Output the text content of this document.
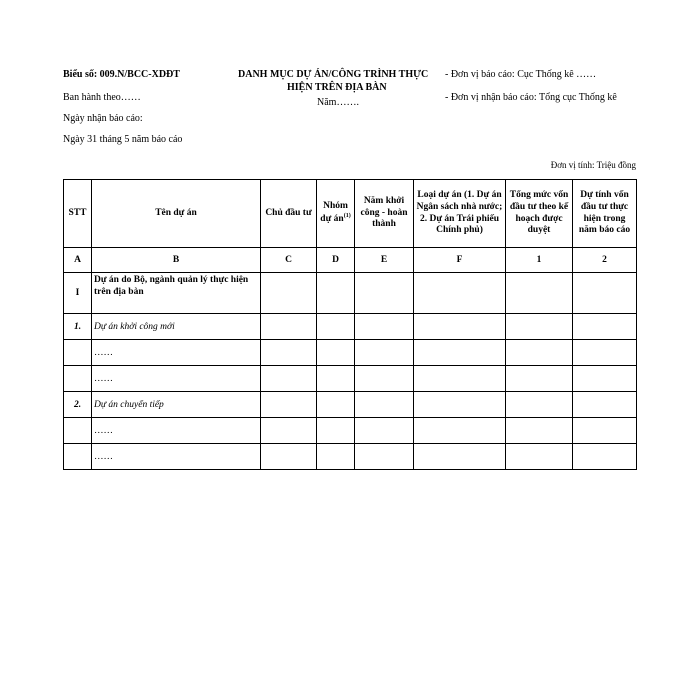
Biểu số: 009.N/BCC-XDĐT
Ban hành theo……
Ngày nhận báo cáo:
Ngày 31 tháng 5 năm báo cáo
DANH MỤC DỰ ÁN/CÔNG TRÌNH THỰC
HIỆN TRÊN ĐỊA BÀN
Năm…….
- Đơn vị báo cáo: Cục Thống kê ……
- Đơn vị nhận báo cáo: Tổng cục Thống kê
Đơn vị tính: Triệu đồng
STT	Tên dự án	Chủ đầu tư	Nhóm dự $án^{(1)}$	Năm khởi công - hoàn thành	Loại dự án (1. Dự án Ngân sách nhà nước; 2. Dự án Trái phiếu Chính phủ)	Tổng mức vốn đầu tư theo kế hoạch được duyệt	Dự tính vốn đầu tư thực hiện trong năm báo cáo
A	B	C	D	E	F	1	2
I	Dự án do Bộ, ngành quản lý thực hiện trên địa bàn						
1.	Dự án khởi công mới						
	……						
	……						
2.	Dự án chuyển tiếp						
	……						
	……						
